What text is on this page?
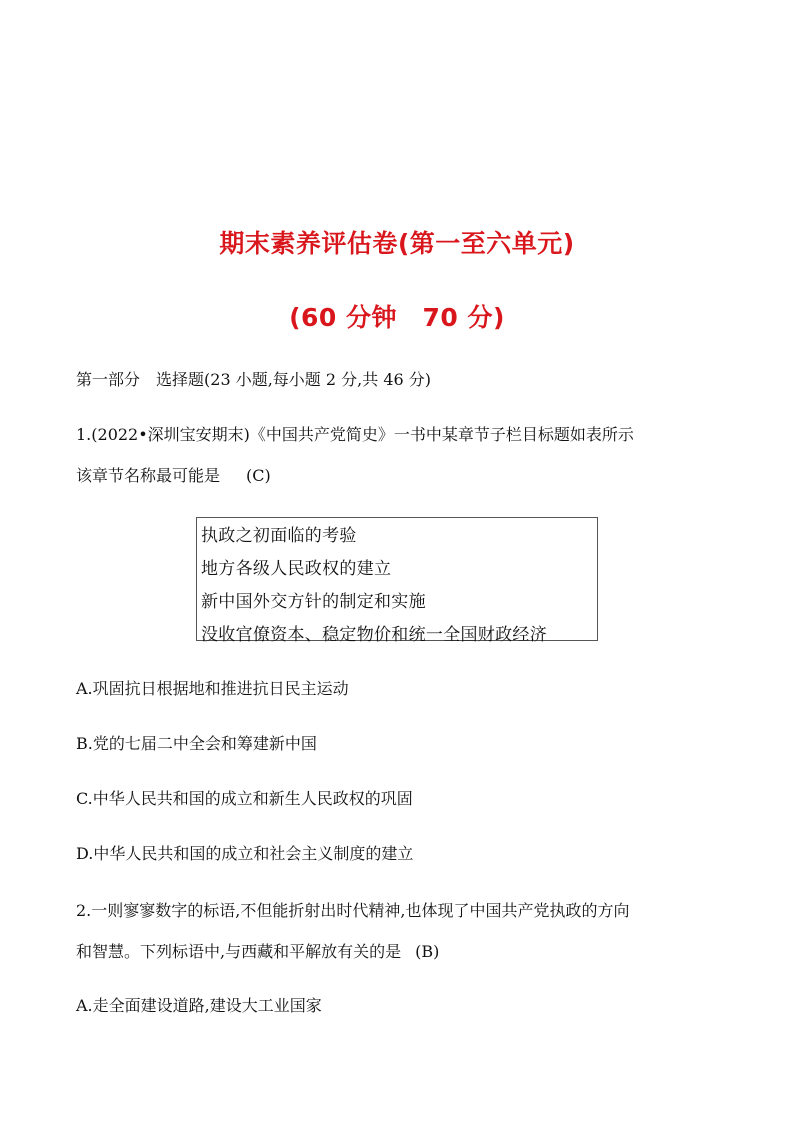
期末素养评估卷(第一至六单元)
(60 分钟　70 分)
第一部分 选择题(23 小题,每小题 2 分,共 46 分)
1.(2022•深圳宝安期末)《中国共产党简史》一书中某章节子栏目标题如表所示
该章节名称最可能是 (C)
执政之初面临的考验
地方各级人民政权的建立
新中国外交方针的制定和实施
没收官僚资本、稳定物价和统一全国财政经济
A.巩固抗日根据地和推进抗日民主运动
B.党的七届二中全会和筹建新中国
C.中华人民共和国的成立和新生人民政权的巩固
D.中华人民共和国的成立和社会主义制度的建立
2.一则寥寥数字的标语,不但能折射出时代精神,也体现了中国共产党执政的方向
和智慧。下列标语中,与西藏和平解放有关的是 (B)
A.走全面建设道路,建设大工业国家
